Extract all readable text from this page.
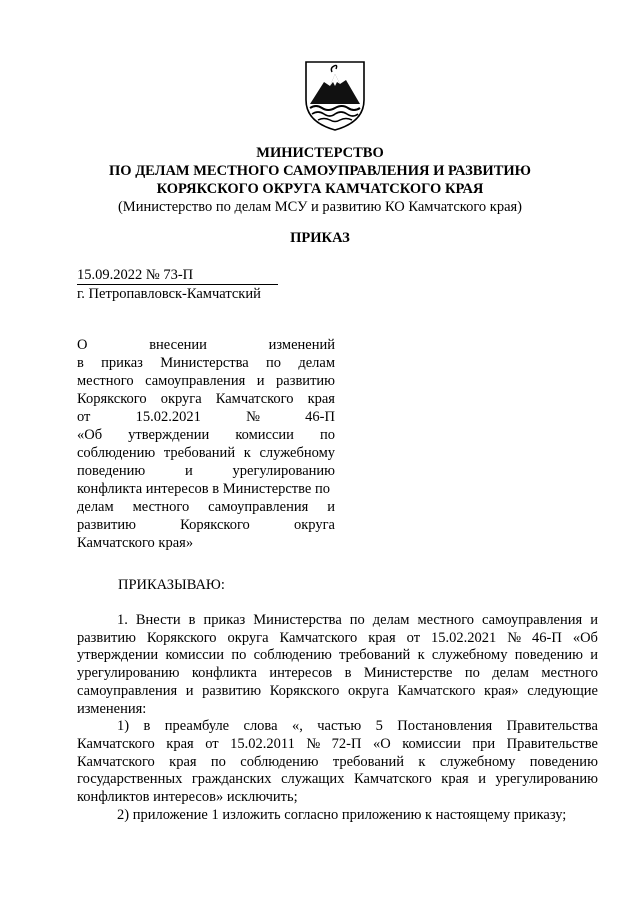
МИНИСТЕРСТВО
ПО ДЕЛАМ МЕСТНОГО САМОУПРАВЛЕНИЯ И РАЗВИТИЮ
КОРЯКСКОГО ОКРУГА КАМЧАТСКОГО КРАЯ
(Министерство по делам МСУ и развитию КО Камчатского края)
ПРИКАЗ
15.09.2022 № 73-П
г. Петропавловск-Камчатский
О	внесении	изменений
в приказ Министерства по делам
местного самоуправления и развитию
Корякского округа Камчатского края
от	15.02.2021	№	46-П
«Об утверждении комиссии по
соблюдению требований к служебному
поведению	и	урегулированию
конфликта интересов в Министерстве по
делам местного самоуправления и
развитию	Корякского	округа
Камчатского края»
ПРИКАЗЫВАЮ:
1. Внести в приказ Министерства по делам местного самоуправления и
развитию Корякского округа Камчатского края от 15.02.2021 № 46-П «Об
утверждении комиссии по соблюдению требований к служебному поведению и
урегулированию конфликта интересов в Министерстве по делам местного
самоуправления и развитию Корякского округа Камчатского края» следующие
изменения:
1) в преамбуле слова «, частью 5 Постановления Правительства
Камчатского края от 15.02.2011 № 72-П «О комиссии при Правительстве
Камчатского края по соблюдению требований к служебному поведению
государственных гражданских служащих Камчатского края и урегулированию
конфликтов интересов» исключить;
2) приложение 1 изложить согласно приложению к настоящему приказу;
